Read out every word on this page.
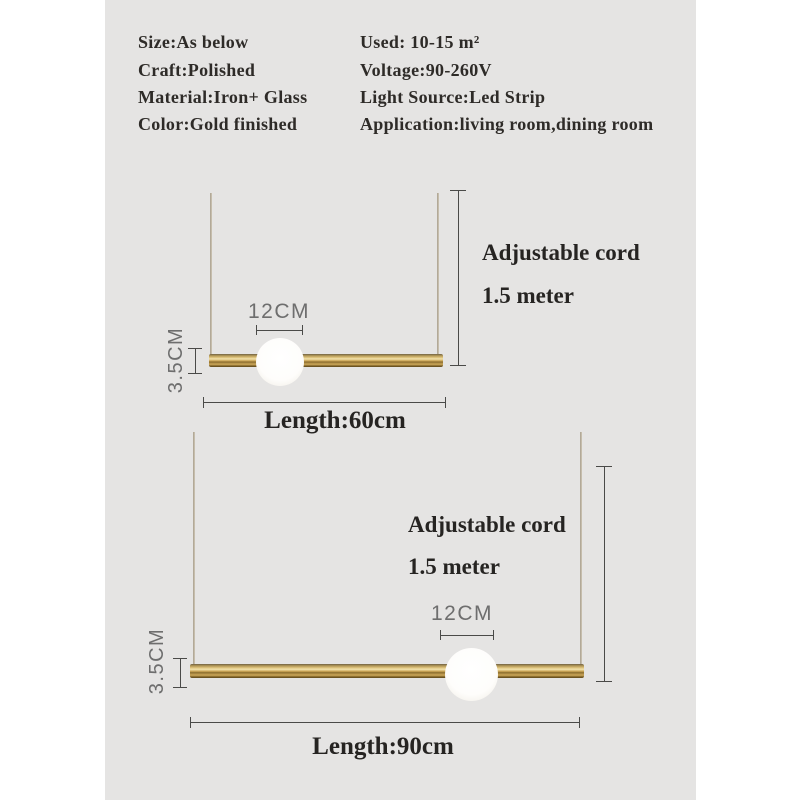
Size:As below
Craft:Polished
Material:Iron+ Glass
Color:Gold finished
Used: 10-15 m²
Voltage:90-260V
Light Source:Led Strip
Application:living room,dining room
12CM
3.5CM
Adjustable cord
1.5 meter
Length:60cm
12CM
3.5CM
Adjustable cord
1.5 meter
Length:90cm
